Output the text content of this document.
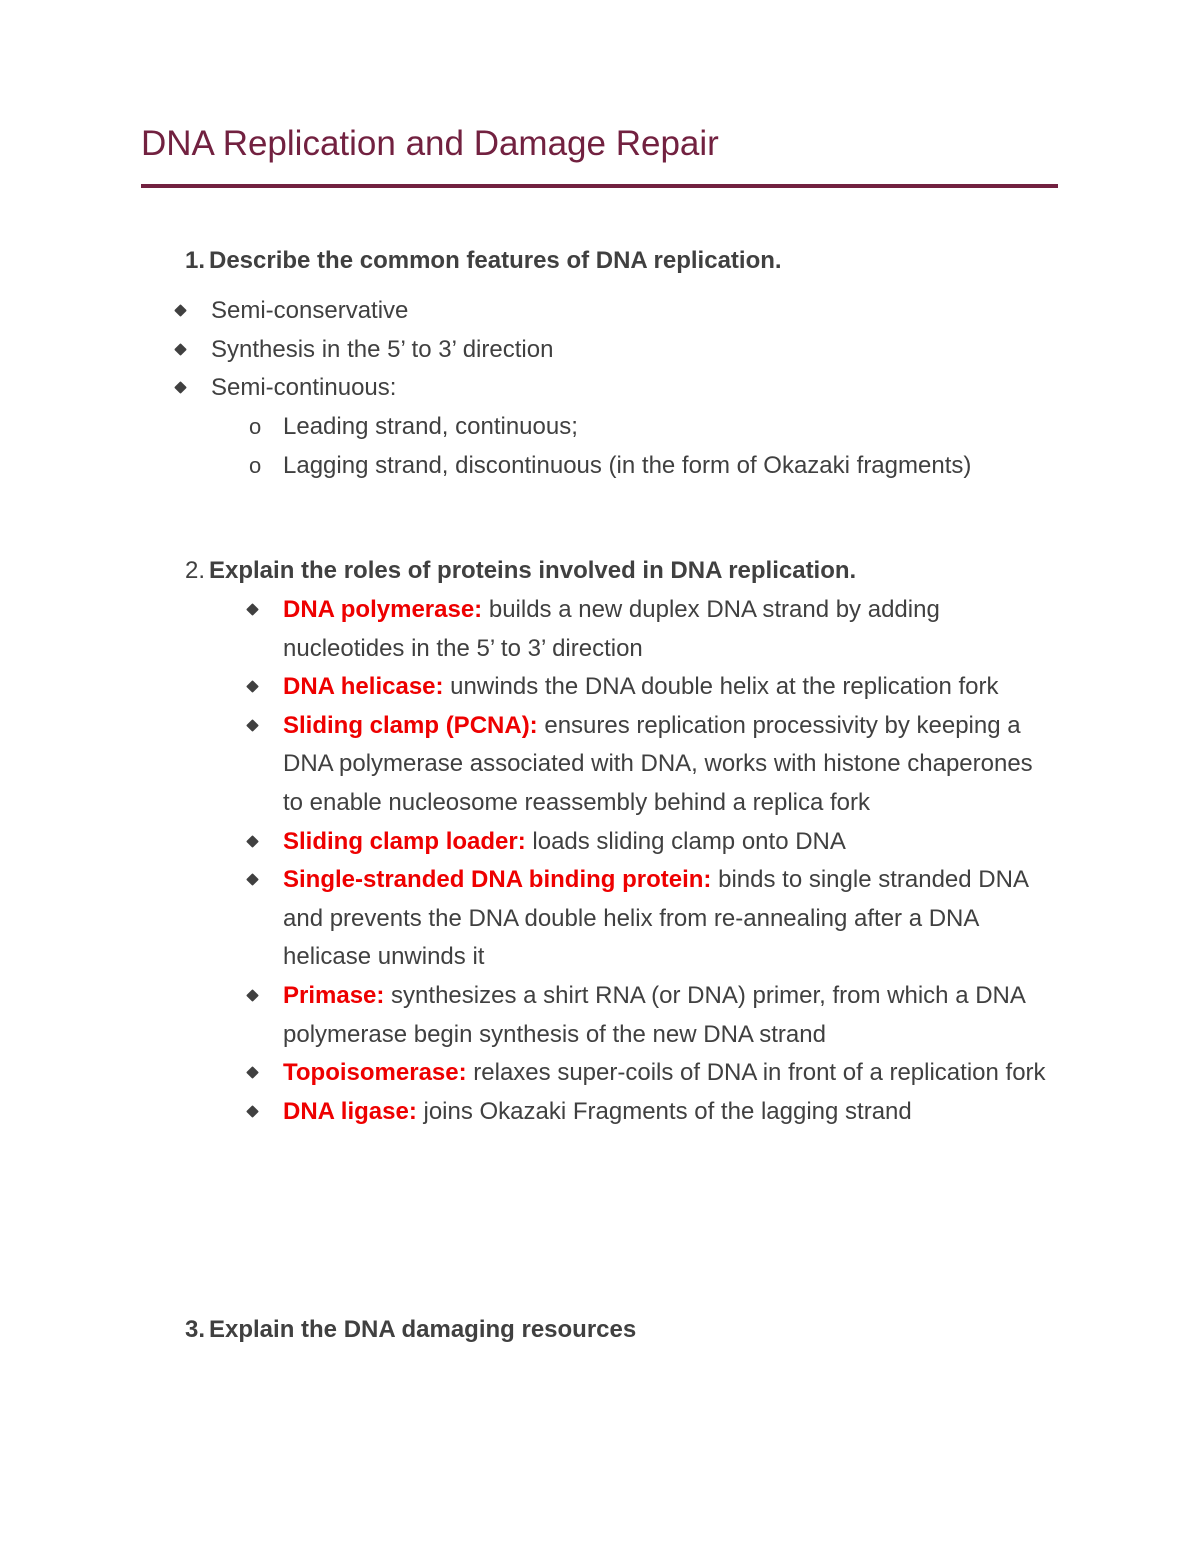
DNA Replication and Damage Repair

1. Describe the common features of DNA replication.

Semi-conservative
Synthesis in the 5’ to 3’ direction
Semi-continuous:
o Leading strand, continuous;
o Lagging strand, discontinuous (in the form of Okazaki fragments)

2. Explain the roles of proteins involved in DNA replication.

DNA polymerase: builds a new duplex DNA strand by adding nucleotides in the 5’ to 3’ direction
DNA helicase: unwinds the DNA double helix at the replication fork
Sliding clamp (PCNA): ensures replication processivity by keeping a DNA polymerase associated with DNA, works with histone chaperones to enable nucleosome reassembly behind a replica fork
Sliding clamp loader: loads sliding clamp onto DNA
Single-stranded DNA binding protein: binds to single stranded DNA and prevents the DNA double helix from re-annealing after a DNA helicase unwinds it
Primase: synthesizes a shirt RNA (or DNA) primer, from which a DNA polymerase begin synthesis of the new DNA strand
Topoisomerase: relaxes super-coils of DNA in front of a replication fork
DNA ligase: joins Okazaki Fragments of the lagging strand

3. Explain the DNA damaging resources
